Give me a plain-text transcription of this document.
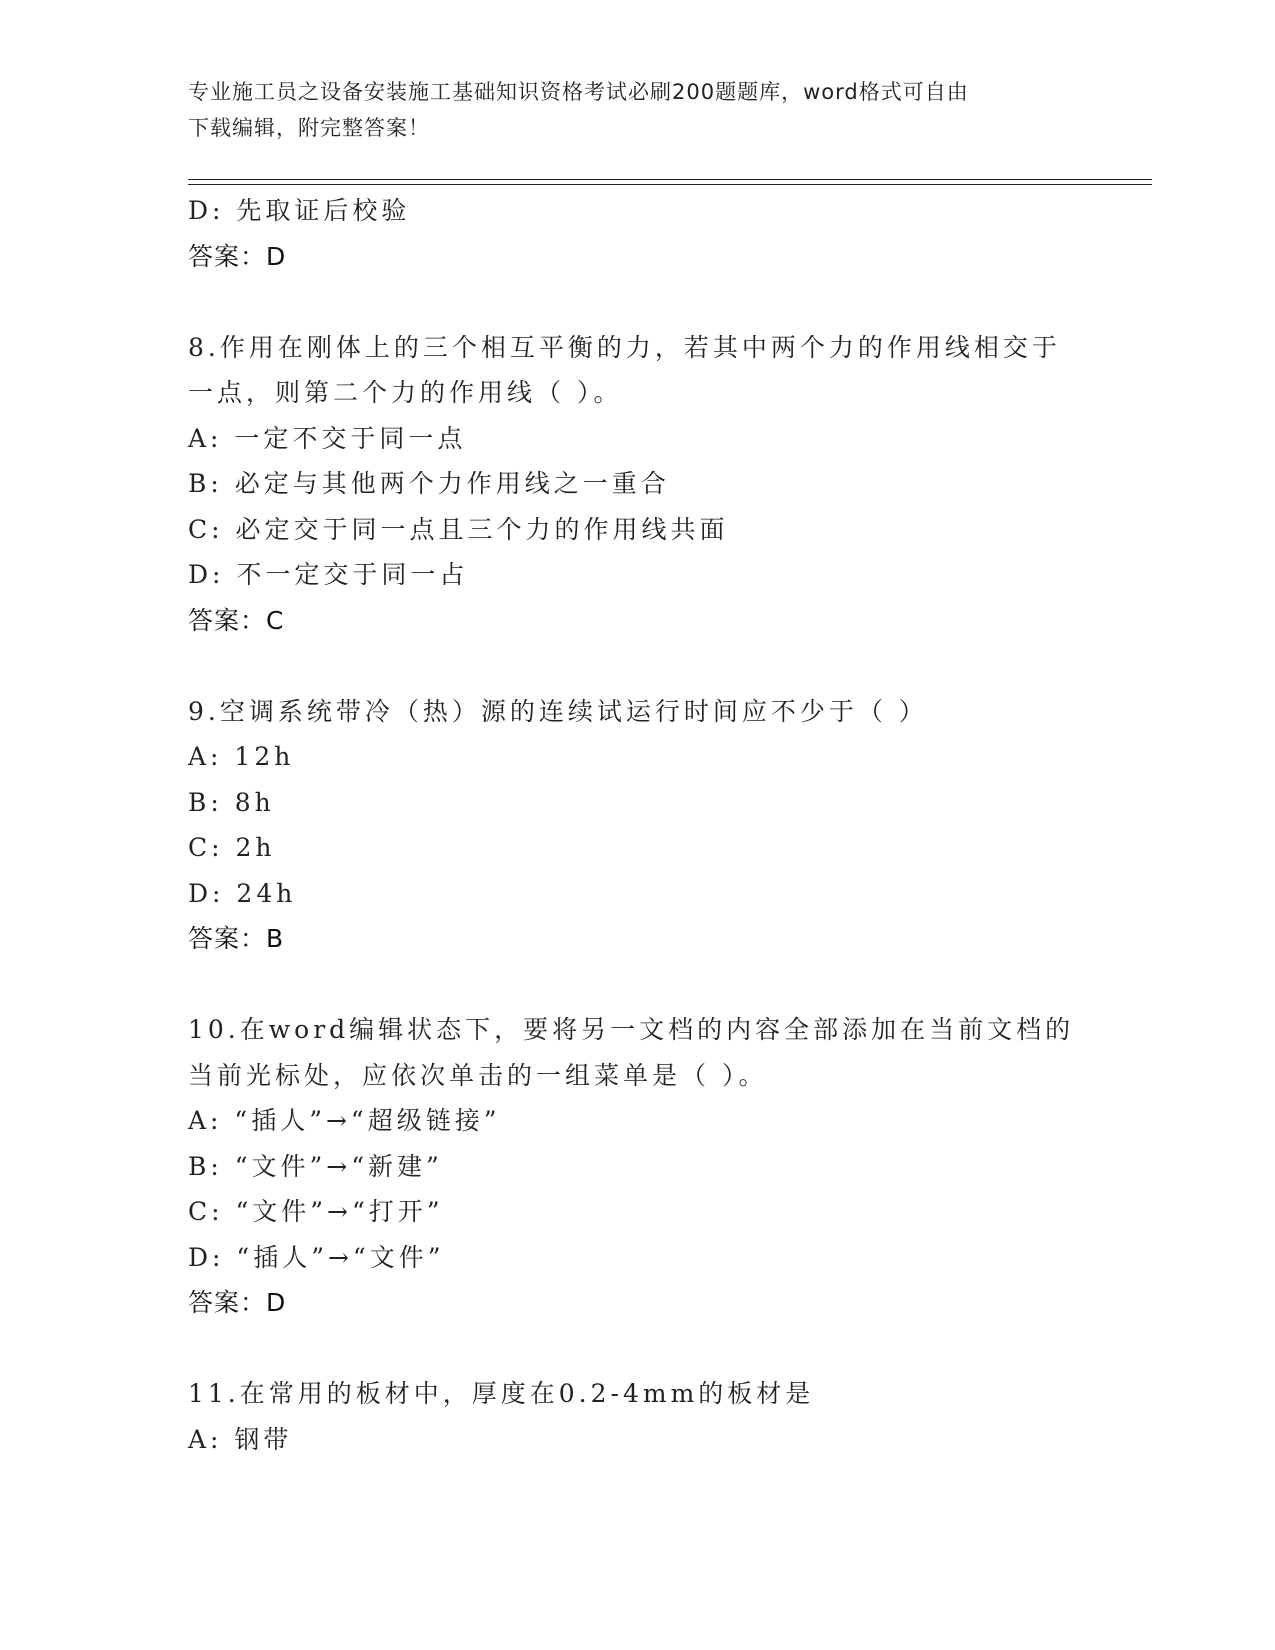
专业施工员之设备安装施工基础知识资格考试必刷200题题库，word格式可自由
下载编辑，附完整答案！
D: 先取证后校验
答案：D
8.作用在刚体上的三个相互平衡的力，若其中两个力的作用线相交于
一点，则第二个力的作用线（ ）。
A: 一定不交于同一点
B: 必定与其他两个力作用线之一重合
C: 必定交于同一点且三个力的作用线共面
D: 不一定交于同一占
答案：C
9.空调系统带冷（热）源的连续试运行时间应不少于（ ）
A: 12h
B: 8h
C: 2h
D: 24h
答案：B
10.在word编辑状态下，要将另一文档的内容全部添加在当前文档的
当前光标处，应依次单击的一组菜单是（ ）。
A: “插人”→“超级链接”
B: “文件”→“新建”
C: “文件”→“打开”
D: “插人”→“文件”
答案：D
11.在常用的板材中，厚度在0.2-4mm的板材是
A: 钢带
